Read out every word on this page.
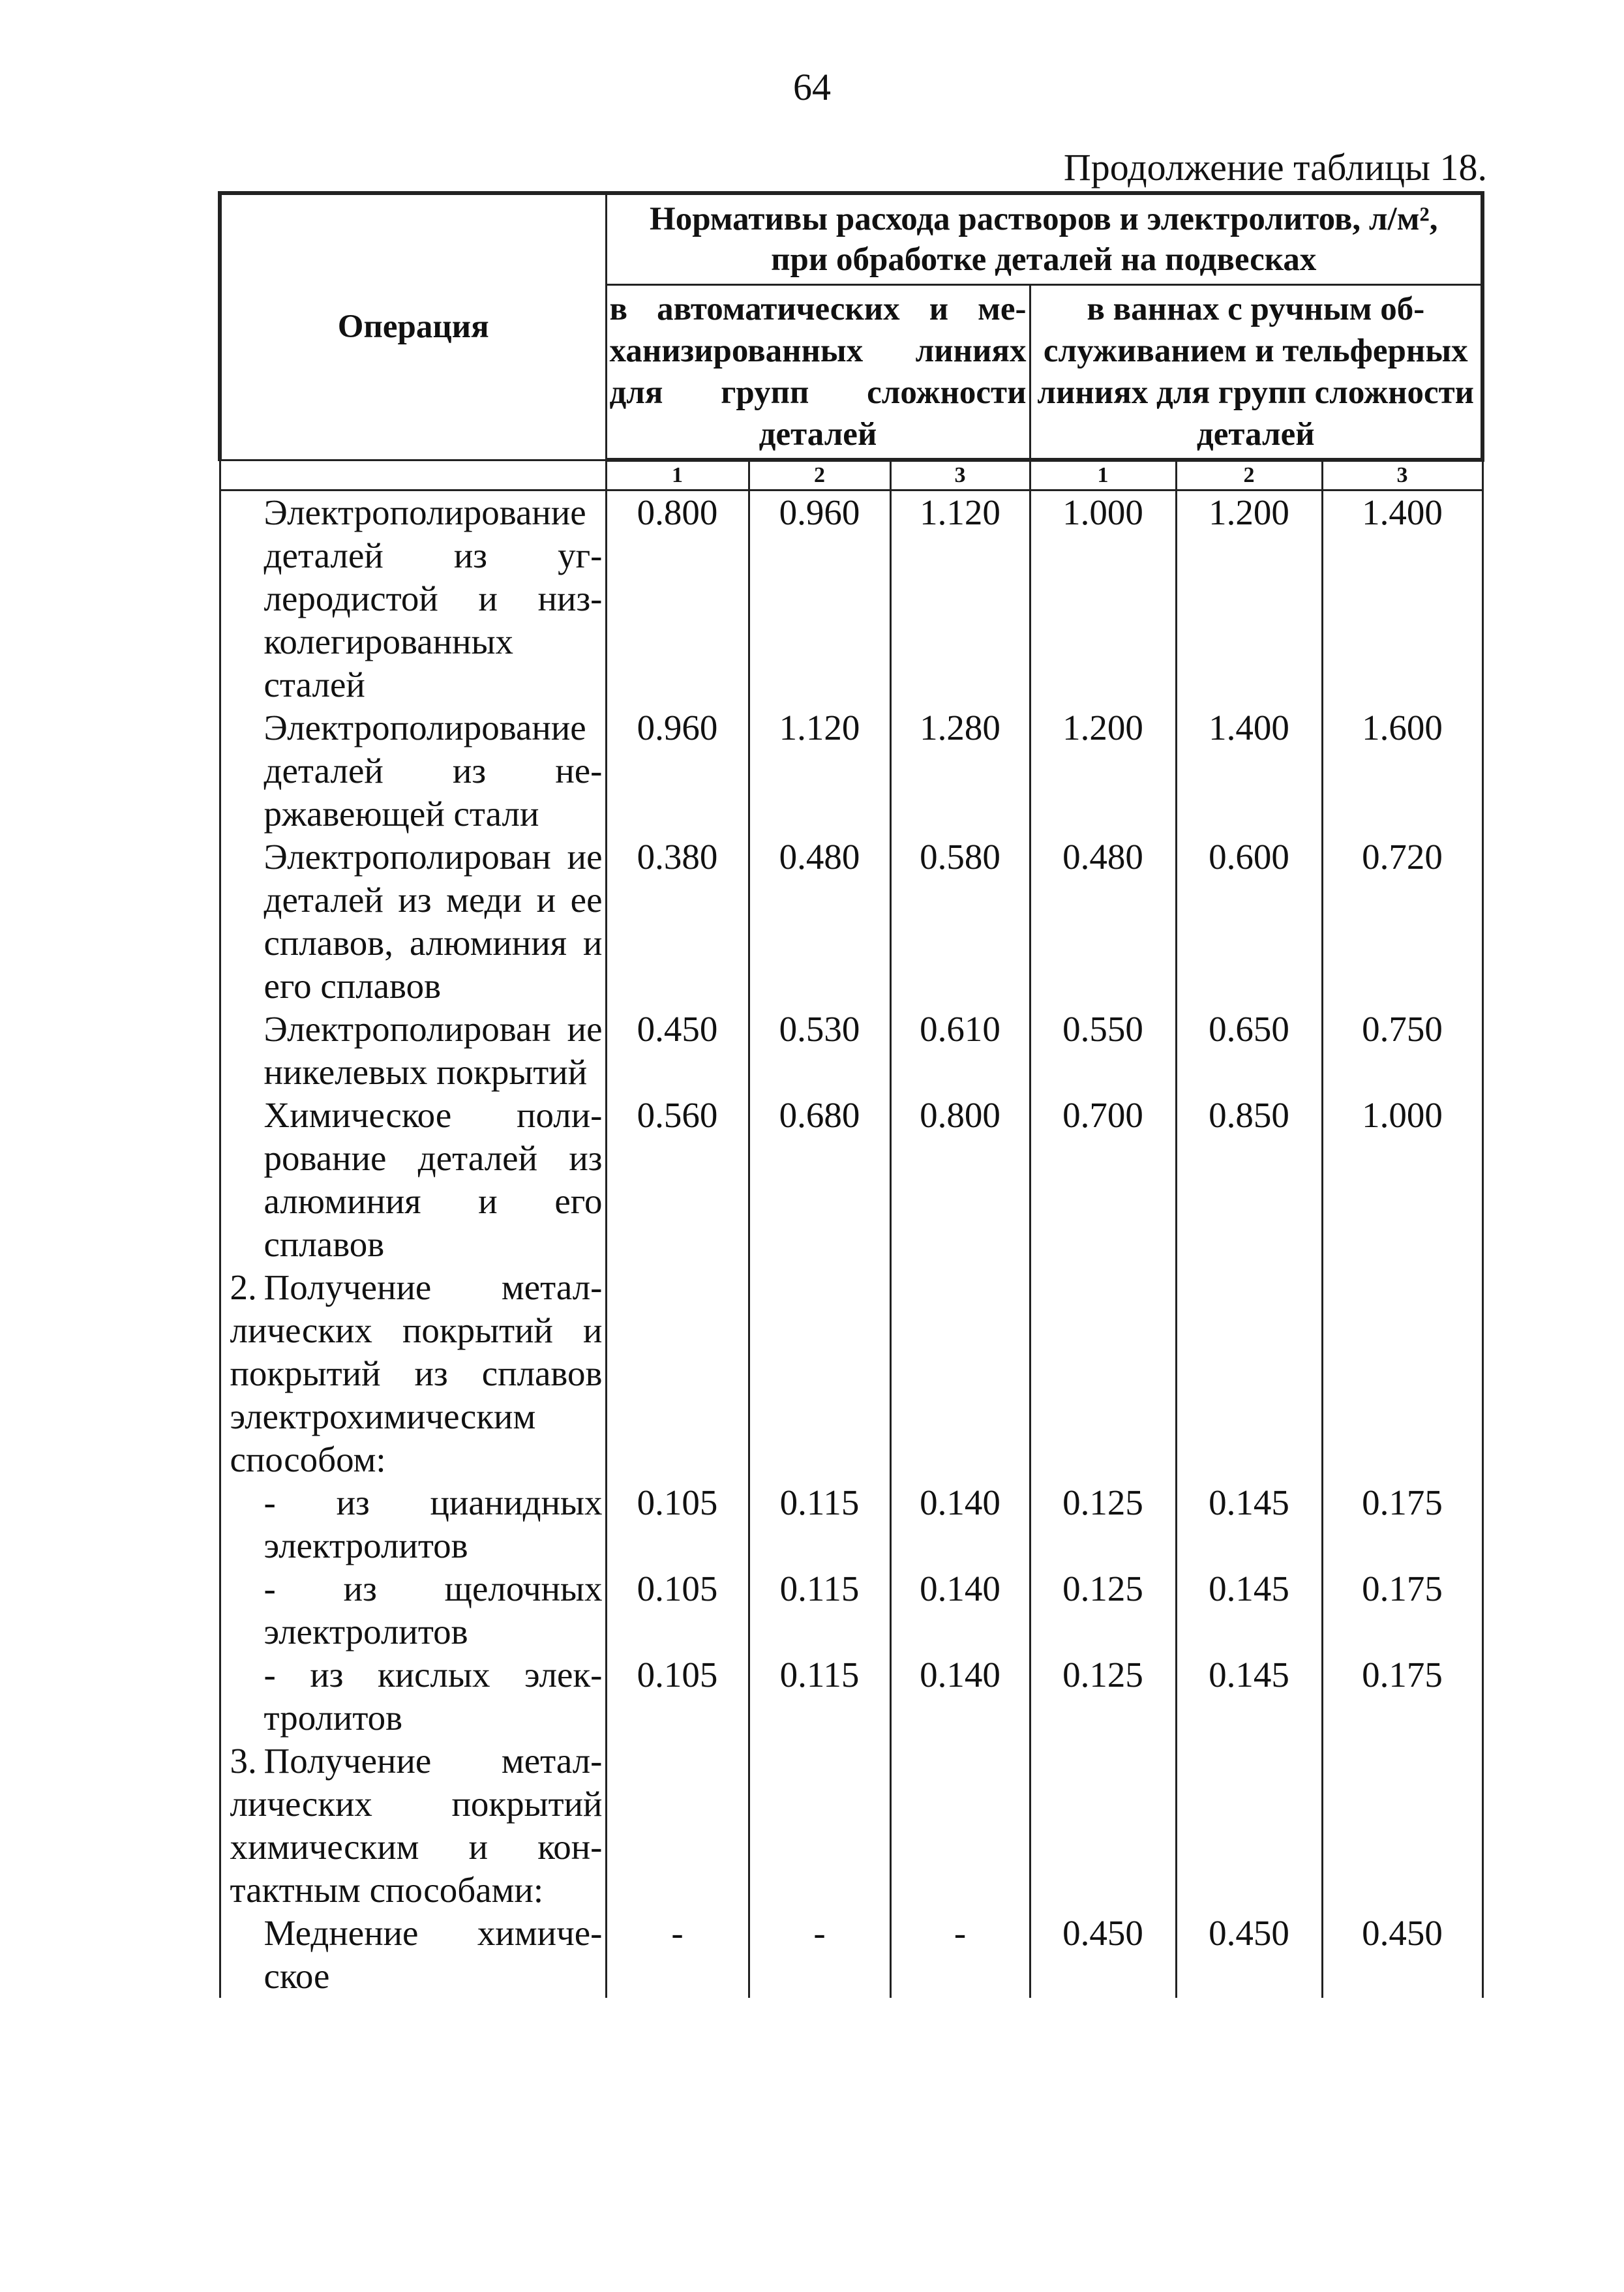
64
Продолжение таблицы 18.
Операция	Нормативы расхода растворов и электролитов, л/м², при обработке деталей на подвесках					
	в автоматических и ме-ханизированных линиях для групп сложности деталей			в ваннах с ручным об-служиванием и тельферных линиях для групп сложности деталей		
	1	2	3	1	2	3
Электрополирование деталей из углеродистой и низколегированных сталей	0.800	0.960	1.120	1.000	1.200	1.400
Электрополирование деталей из нержавеющей стали	0.960	1.120	1.280	1.200	1.400	1.600
Электрополирован ие деталей из меди и ее сплавов, алюминия и его сплавов	0.380	0.480	0.580	0.480	0.600	0.720
Электрополирован ие никелевых покрытий	0.450	0.530	0.610	0.550	0.650	0.750
Химическое полирование деталей из алюминия и его сплавов	0.560	0.680	0.800	0.700	0.850	1.000
2. Получение металлических покрытий и покрытий из сплавов электрохимическим способом:						
- из цианидных электролитов	0.105	0.115	0.140	0.125	0.145	0.175
- из щелочных электролитов	0.105	0.115	0.140	0.125	0.145	0.175
- из кислых электролитов	0.105	0.115	0.140	0.125	0.145	0.175
3. Получение металлических покрытий химическим и контактным способами:						
Меднение химическое	-	-	-	0.450	0.450	0.450
